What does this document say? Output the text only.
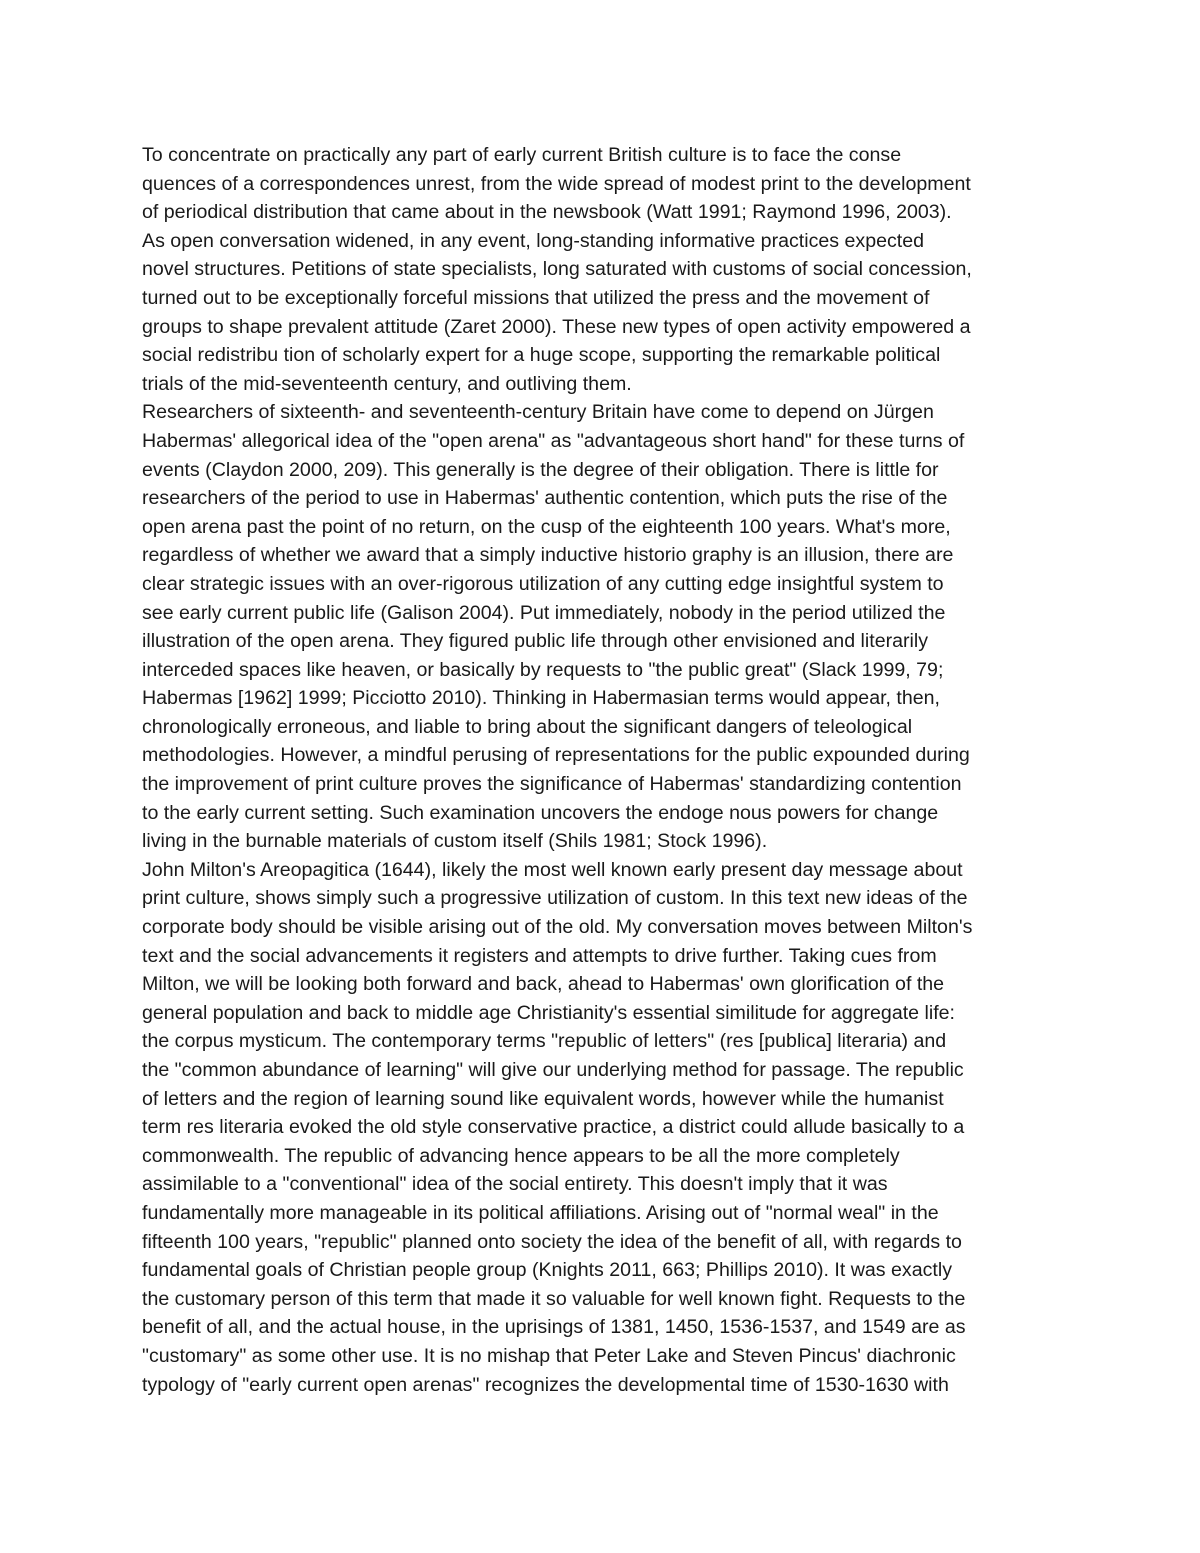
To concentrate on practically any part of early current British culture is to face the conse
quences of a correspondences unrest, from the wide spread of modest print to the development
of periodical distribution that came about in the newsbook (Watt 1991; Raymond 1996, 2003).
As open conversation widened, in any event, long-standing informative practices expected
novel structures. Petitions of state specialists, long saturated with customs of social concession,
turned out to be exceptionally forceful missions that utilized the press and the movement of
groups to shape prevalent attitude (Zaret 2000). These new types of open activity empowered a
social redistribu tion of scholarly expert for a huge scope, supporting the remarkable political
trials of the mid-seventeenth century, and outliving them.
Researchers of sixteenth- and seventeenth-century Britain have come to depend on Jürgen
Habermas' allegorical idea of the "open arena" as "advantageous short hand" for these turns of
events (Claydon 2000, 209). This generally is the degree of their obligation. There is little for
researchers of the period to use in Habermas' authentic contention, which puts the rise of the
open arena past the point of no return, on the cusp of the eighteenth 100 years. What's more,
regardless of whether we award that a simply inductive historio graphy is an illusion, there are
clear strategic issues with an over-rigorous utilization of any cutting edge insightful system to
see early current public life (Galison 2004). Put immediately, nobody in the period utilized the
illustration of the open arena. They figured public life through other envisioned and literarily
interceded spaces like heaven, or basically by requests to "the public great" (Slack 1999, 79;
Habermas [1962] 1999; Picciotto 2010). Thinking in Habermasian terms would appear, then,
chronologically erroneous, and liable to bring about the significant dangers of teleological
methodologies. However, a mindful perusing of representations for the public expounded during
the improvement of print culture proves the significance of Habermas' standardizing contention
to the early current setting. Such examination uncovers the endoge nous powers for change
living in the burnable materials of custom itself (Shils 1981; Stock 1996).
John Milton's Areopagitica (1644), likely the most well known early present day message about
print culture, shows simply such a progressive utilization of custom. In this text new ideas of the
corporate body should be visible arising out of the old. My conversation moves between Milton's
text and the social advancements it registers and attempts to drive further. Taking cues from
Milton, we will be looking both forward and back, ahead to Habermas' own glorification of the
general population and back to middle age Christianity's essential similitude for aggregate life:
the corpus mysticum. The contemporary terms "republic of letters" (res [publica] literaria) and
the "common abundance of learning" will give our underlying method for passage. The republic
of letters and the region of learning sound like equivalent words, however while the humanist
term res literaria evoked the old style conservative practice, a district could allude basically to a
commonwealth. The republic of advancing hence appears to be all the more completely
assimilable to a "conventional" idea of the social entirety. This doesn't imply that it was
fundamentally more manageable in its political affiliations. Arising out of "normal weal" in the
fifteenth 100 years, "republic" planned onto society the idea of the benefit of all, with regards to
fundamental goals of Christian people group (Knights 2011, 663; Phillips 2010). It was exactly
the customary person of this term that made it so valuable for well known fight. Requests to the
benefit of all, and the actual house, in the uprisings of 1381, 1450, 1536-1537, and 1549 are as
"customary" as some other use. It is no mishap that Peter Lake and Steven Pincus' diachronic
typology of "early current open arenas" recognizes the developmental time of 1530-1630 with
